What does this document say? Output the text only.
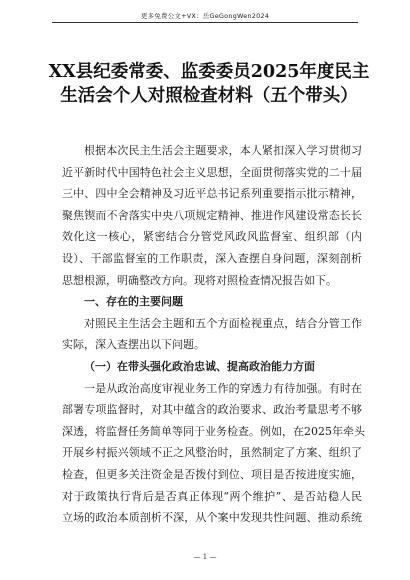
更多免费公文+VX：岳GeGongWen2024
XX县纪委常委、监委委员2025年度民主
生活会个人对照检查材料（五个带头）
根据本次民主生活会主题要求，本人紧扣深入学习贯彻习
近平新时代中国特色社会主义思想，全面贯彻落实党的二十届
三中、四中全会精神及习近平总书记系列重要指示批示精神，
聚焦锲而不舍落实中央八项规定精神、推进作风建设常态长长
效化这一核心，紧密结合分管党风政风监督室、组织部（内
设）、干部监督室的工作职责，深入查摆自身问题，深刻剖析
思想根源，明确整改方向。现将对照检查情况报告如下。
一、存在的主要问题
对照民主生活会主题和五个方面检视重点，结合分管工作
实际，深入查摆出以下问题。
（一）在带头强化政治忠诚、提高政治能力方面
一是从政治高度审视业务工作的穿透力有待加强。有时在
部署专项监督时，对其中蕴含的政治要求、政治考量思考不够
深透，将监督任务简单等同于业务检查。例如，在2025年牵头
开展乡村振兴领域不正之风整治时，虽然制定了方案、组织了
检查，但更多关注资金是否拨付到位、项目是否按进度实施，
对于政策执行背后是否真正体现“两个维护”、是否站稳人民
立场的政治本质剖析不深，从个案中发现共性问题、推动系统
— 1 —
